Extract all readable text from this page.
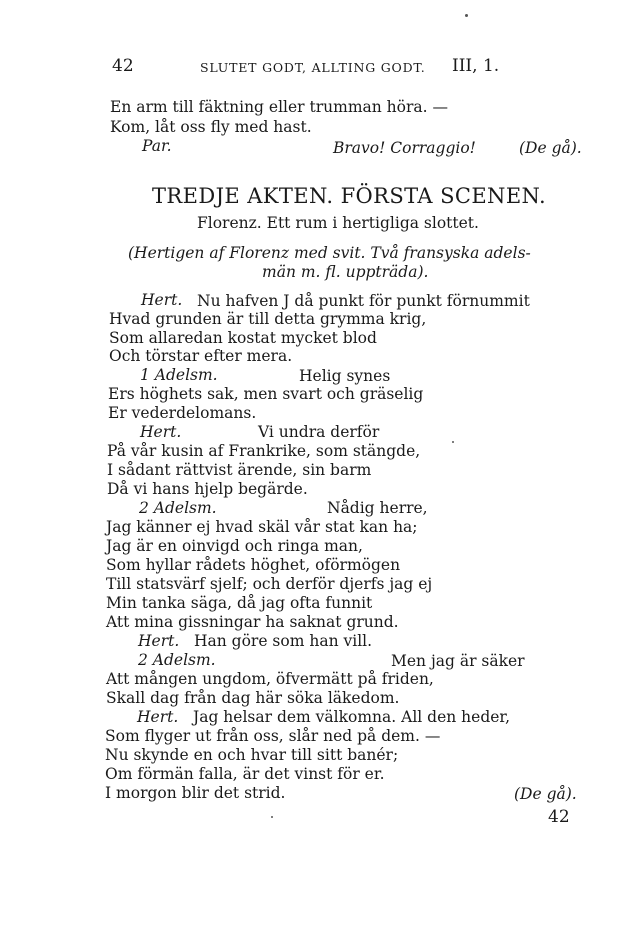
42	SLUTET GODT, ALLTING GODT. III, 1.
En arm till fäktning eller trumman höra. —
Kom, låt oss fly med hast.
Par.	Bravo! Corraggio!	(De gå).
TREDJE AKTEN. FÖRSTA SCENEN.
Florenz. Ett rum i hertigliga slottet.
(Hertigen af Florenz med svit. Två fransyska adels-
män m. fl. uppträda).
Hert. Nu hafven J då punkt för punkt förnummit
Hvad grunden är till detta grymma krig,
Som allaredan kostat mycket blod
Och törstar efter mera.
1 Adelsm.	Helig synes
Ers höghets sak, men svart och gräselig
Er vederdelomans.
Hert.	Vi undra derför
På vår kusin af Frankrike, som stängde,
I sådant rättvist ärende, sin barm
Då vi hans hjelp begärde.
2 Adelsm.	Nådig herre,
Jag känner ej hvad skäl vår stat kan ha;
Jag är en oinvigd och ringa man,
Som hyllar rådets höghet, oförmögen
Till statsvärf sjelf; och derför djerfs jag ej
Min tanka säga, då jag ofta funnit
Att mina gissningar ha saknat grund.
Hert. Han göre som han vill.
2 Adelsm.	Men jag är säker
Att mången ungdom, öfvermätt på friden,
Skall dag från dag här söka läkedom.
Hert. Jag helsar dem välkomna. All den heder,
Som flyger ut från oss, slår ned på dem. —
Nu skynde en och hvar till sitt banér;
Om förmän falla, är det vinst för er.
I morgon blir det strid.	(De gå).
42
